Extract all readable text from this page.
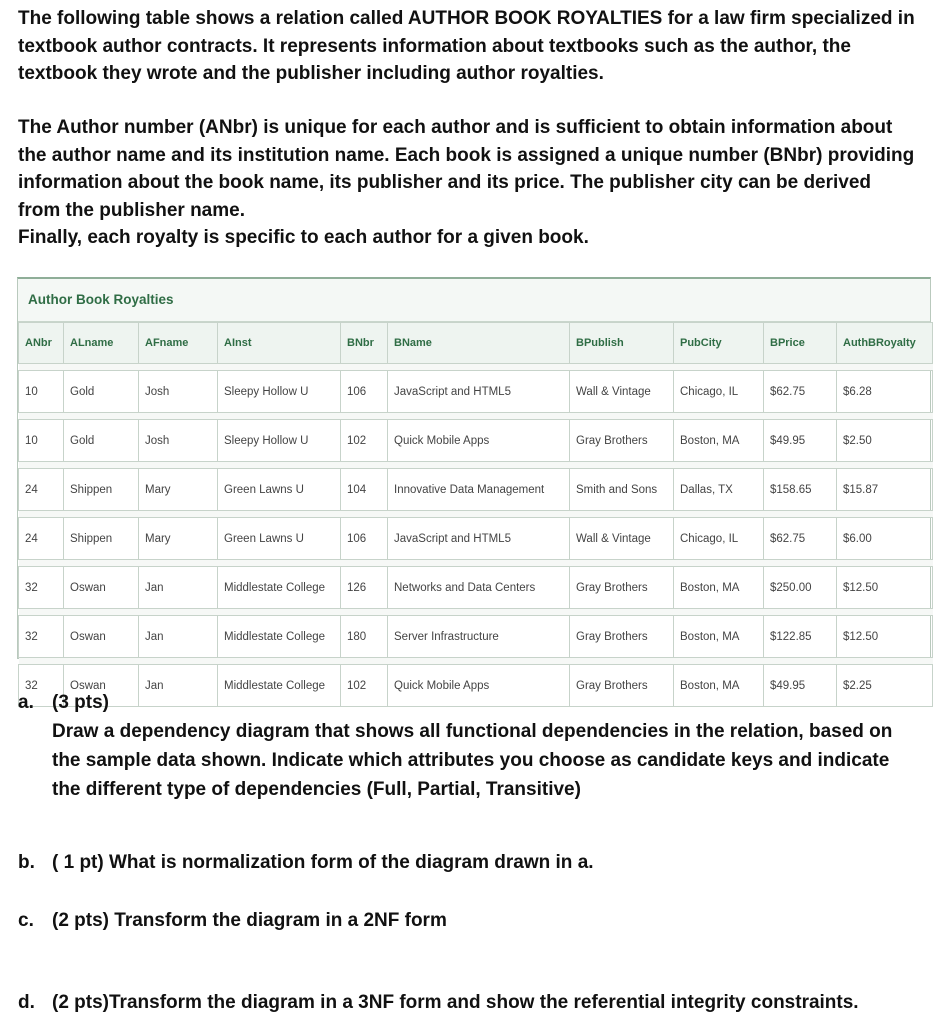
The following table shows a relation called AUTHOR BOOK ROYALTIES for a law firm specialized in textbook author contracts. It represents information about textbooks such as the author, the textbook they wrote and the publisher including author royalties.

The Author number (ANbr) is unique for each author and is sufficient to obtain information about the author name and its institution name. Each book is assigned a unique number (BNbr) providing information about the book name, its publisher and its price. The publisher city can be derived from the publisher name.
Finally, each royalty is specific to each author for a given book.
Author Book Royalties
ANbr	ALname	AFname	AInst	BNbr	BName	BPublish	PubCity	BPrice	AuthBRoyalty

10	Gold	Josh	Sleepy Hollow U	106	JavaScript and HTML5	Wall & Vintage	Chicago, IL	$62.75	$6.28

10	Gold	Josh	Sleepy Hollow U	102	Quick Mobile Apps	Gray Brothers	Boston, MA	$49.95	$2.50

24	Shippen	Mary	Green Lawns U	104	Innovative Data Management	Smith and Sons	Dallas, TX	$158.65	$15.87

24	Shippen	Mary	Green Lawns U	106	JavaScript and HTML5	Wall & Vintage	Chicago, IL	$62.75	$6.00

32	Oswan	Jan	Middlestate College	126	Networks and Data Centers	Gray Brothers	Boston, MA	$250.00	$12.50

32	Oswan	Jan	Middlestate College	180	Server Infrastructure	Gray Brothers	Boston, MA	$122.85	$12.50

32	Oswan	Jan	Middlestate College	102	Quick Mobile Apps	Gray Brothers	Boston, MA	$49.95	$2.25
a. (3 pts)
Draw a dependency diagram that shows all functional dependencies in the relation, based on the sample data shown. Indicate which attributes you choose as candidate keys and indicate the different type of dependencies (Full, Partial, Transitive)
b. ( 1 pt) What is normalization form of the diagram drawn in a.
c. (2 pts) Transform the diagram in a 2NF form
d. (2 pts)Transform the diagram in a 3NF form and show the referential integrity constraints.
